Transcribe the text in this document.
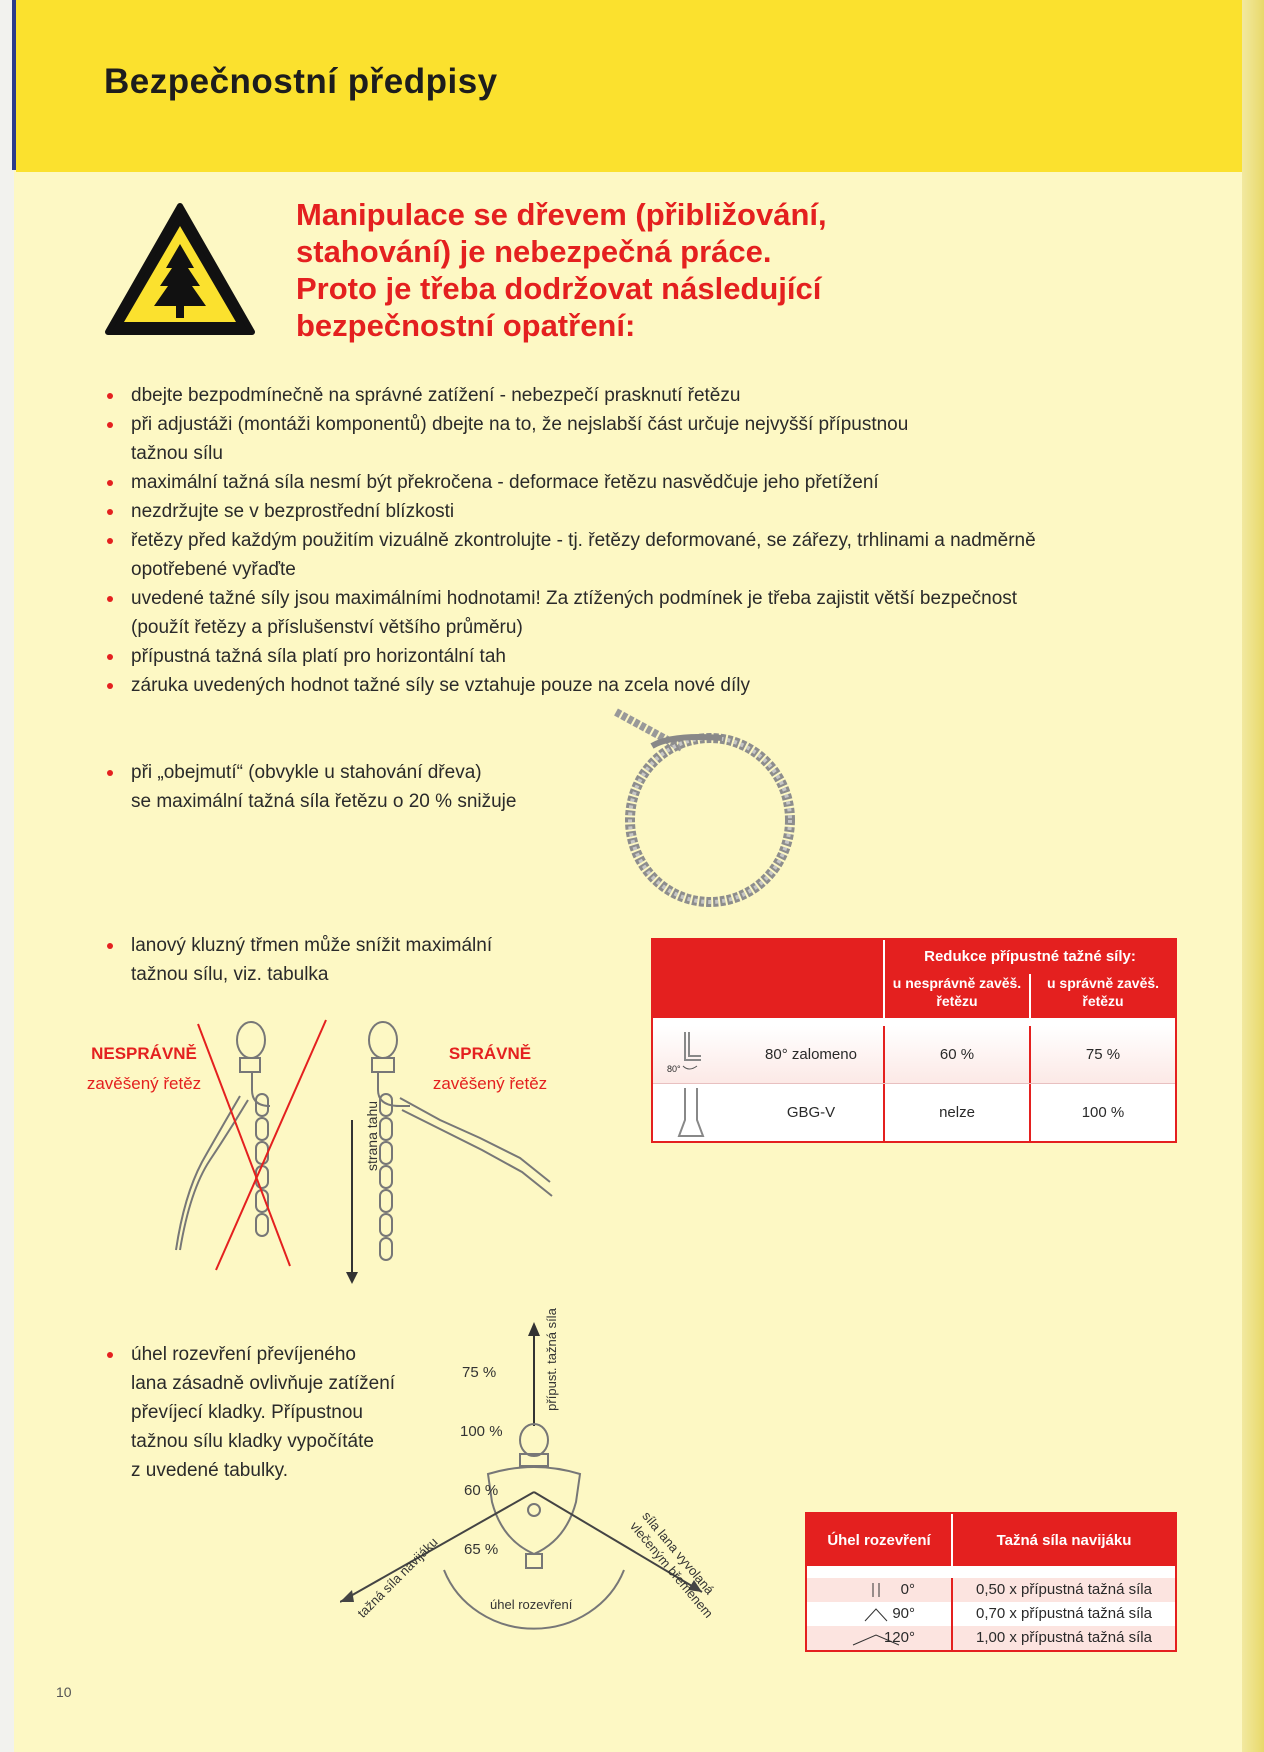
Bezpečnostní předpisy
Manipulace se dřevem (přibližování,
stahování) je nebezpečná práce.
Proto je třeba dodržovat následující
bezpečnostní opatření:
dbejte bezpodmínečně na správné zatížení - nebezpečí prasknutí řetězu
při adjustáži (montáži komponentů) dbejte na to, že nejslabší část určuje nejvyšší přípustnou tažnou sílu
maximální tažná síla nesmí být překročena - deformace řetězu nasvědčuje jeho přetížení
nezdržujte se v bezprostřední blízkosti
řetězy před každým použitím vizuálně zkontrolujte - tj. řetězy deformované, se zářezy, trhlinami a nadměrně opotřebené vyřaďte
uvedené tažné síly jsou maximálními hodnotami! Za ztížených podmínek je třeba zajistit větší bezpečnost (použít řetězy a příslušenství většího průměru)
přípustná tažná síla platí pro horizontální tah
záruka uvedených hodnot tažné síly se vztahuje pouze na zcela nové díly
při „obejmutí“ (obvykle u stahování dřeva)
se maximální tažná síla řetězu o 20 % snižuje
lanový kluzný třmen může snížit maximální
tažnou sílu, viz. tabulka
NESPRÁVNĚ
zavěšený řetěz
SPRÁVNĚ
zavěšený řetěz
strana tahu
Redukce přípustné tažné síly:
u nesprávně zavěš. řetězu
u správně zavěš. řetězu
80°
80° zalomeno	60 %	75 %
GBG-V	nelze	100 %
úhel rozevření převíjeného
lana zásadně ovlivňuje zatížení
převíjecí kladky. Přípustnou
tažnou sílu kladky vypočítáte
z uvedené tabulky.
75 %
100 %
60 %
65 %
přípust. tažná síla
tažná síla navijáku	síla lana vyvolaná vlečeným břemenem
úhel rozevření
Úhel rozevření	Tažná síla navijáku
0°	0,50 x přípustná tažná síla
90°	0,70 x přípustná tažná síla
120°	1,00 x přípustná tažná síla
10
